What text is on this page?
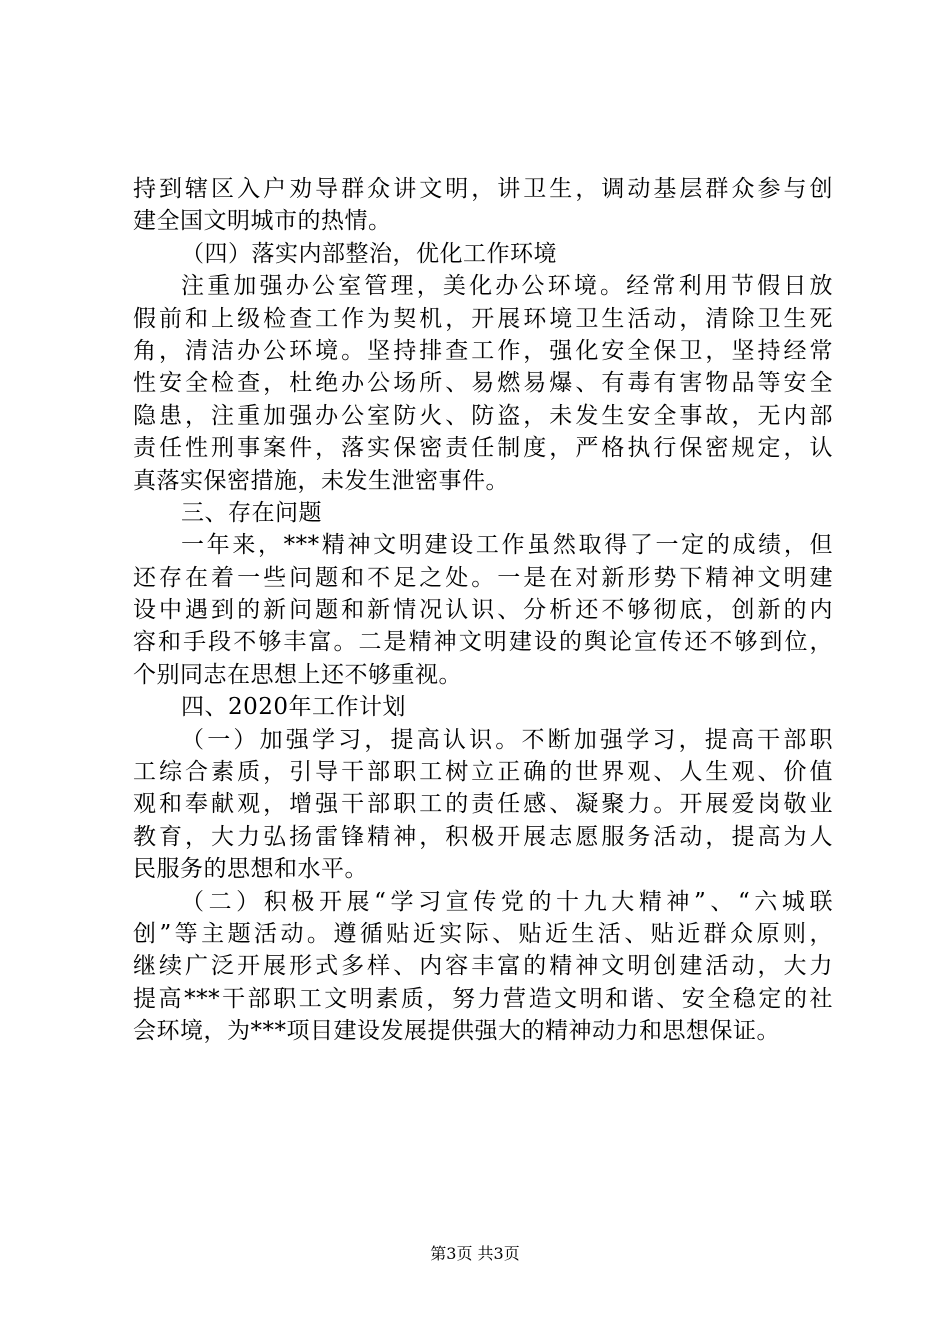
持到辖区入户劝导群众讲文明，讲卫生，调动基层群众参与创
建全国文明城市的热情。
（四）落实内部整治，优化工作环境
注重加强办公室管理，美化办公环境。经常利用节假日放
假前和上级检查工作为契机，开展环境卫生活动，清除卫生死
角，清洁办公环境。坚持排查工作，强化安全保卫，坚持经常
性安全检查，杜绝办公场所、易燃易爆、有毒有害物品等安全
隐患，注重加强办公室防火、防盗，未发生安全事故，无内部
责任性刑事案件，落实保密责任制度，严格执行保密规定，认
真落实保密措施，未发生泄密事件。
三、存在问题
一年来，***精神文明建设工作虽然取得了一定的成绩，但
还存在着一些问题和不足之处。一是在对新形势下精神文明建
设中遇到的新问题和新情况认识、分析还不够彻底，创新的内
容和手段不够丰富。二是精神文明建设的舆论宣传还不够到位，
个别同志在思想上还不够重视。
四、2020年工作计划
（一）加强学习，提高认识。不断加强学习，提高干部职
工综合素质，引导干部职工树立正确的世界观、人生观、价值
观和奉献观，增强干部职工的责任感、凝聚力。开展爱岗敬业
教育，大力弘扬雷锋精神，积极开展志愿服务活动，提高为人
民服务的思想和水平。
（二）积极开展“学习宣传党的十九大精神”、“六城联
创”等主题活动。遵循贴近实际、贴近生活、贴近群众原则，
继续广泛开展形式多样、内容丰富的精神文明创建活动，大力
提高***干部职工文明素质，努力营造文明和谐、安全稳定的社
会环境，为***项目建设发展提供强大的精神动力和思想保证。
第3页 共3页
